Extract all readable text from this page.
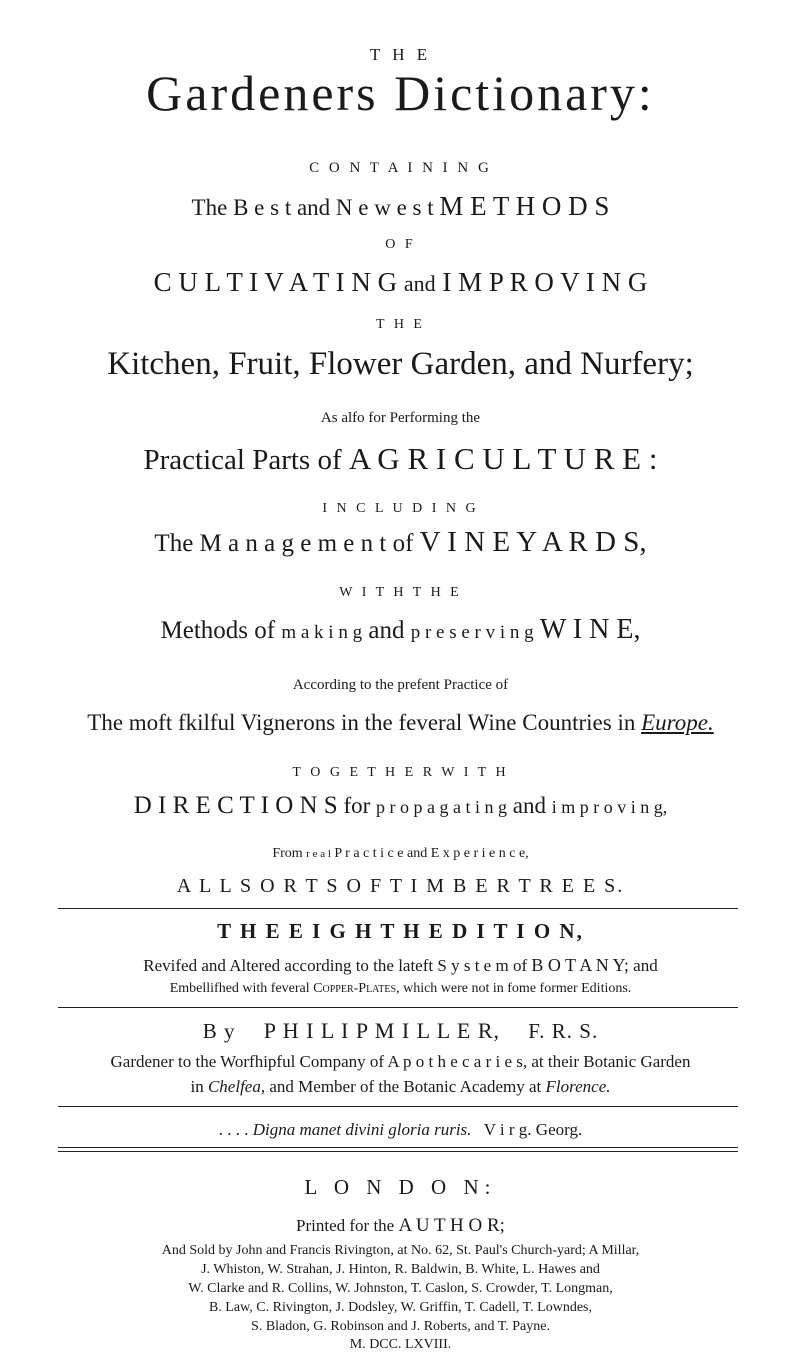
T H E
Gardeners Dictionary:
C O N T A I N I N G
The B e s t and N e w e s t M E T H O D S
O F
C U L T I V A T I N G and I M P R O V I N G
T H E
Kitchen, Fruit, Flower Garden, and Nurfery;
As alfo for Performing the
Practical Parts of A G R I C U L T U R E :
I N C L U D I N G
The M a n a g e m e n t of V I N E Y A R D S,
W I T H T H E
Methods of m a k i n g and p r e s e r v i n g W I N E,
According to the prefent Practice of
The moft fkilful Vignerons in the feveral Wine Countries in Europe.
T O G E T H E R W I T H
D I R E C T I O N S for p r o p a g a t i n g and i m p r o v i n g,
From r e a l P r a c t i c e and E x p e r i e n c e,
A L L S O R T S O F T I M B E R T R E E S.
T H E E I G H T H E D I T I O N,
Revifed and Altered according to the lateft S y s t e m of B O T A N Y; and
Embellifhed with feveral Copper-Plates, which were not in fome former Editions.
B y P H I L I P M I L L E R, F. R. S.
Gardener to the Worfhipful Company of A p o t h e c a r i e s, at their Botanic Garden
in Chelfea, and Member of the Botanic Academy at Florence.
. . . . Digna manet divini gloria ruris. V i r g. Georg.
L O N D O N:
Printed for the A U T H O R;
And Sold by John and Francis Rivington, at No. 62, St. Paul's Church-yard; A Millar,
J. Whiston, W. Strahan, J. Hinton, R. Baldwin, B. White, L. Hawes and
W. Clarke and R. Collins, W. Johnston, T. Caslon, S. Crowder, T. Longman,
B. Law, C. Rivington, J. Dodsley, W. Griffin, T. Cadell, T. Lowndes,
S. Bladon, G. Robinson and J. Roberts, and T. Payne.
M. DCC. LXVIII.
